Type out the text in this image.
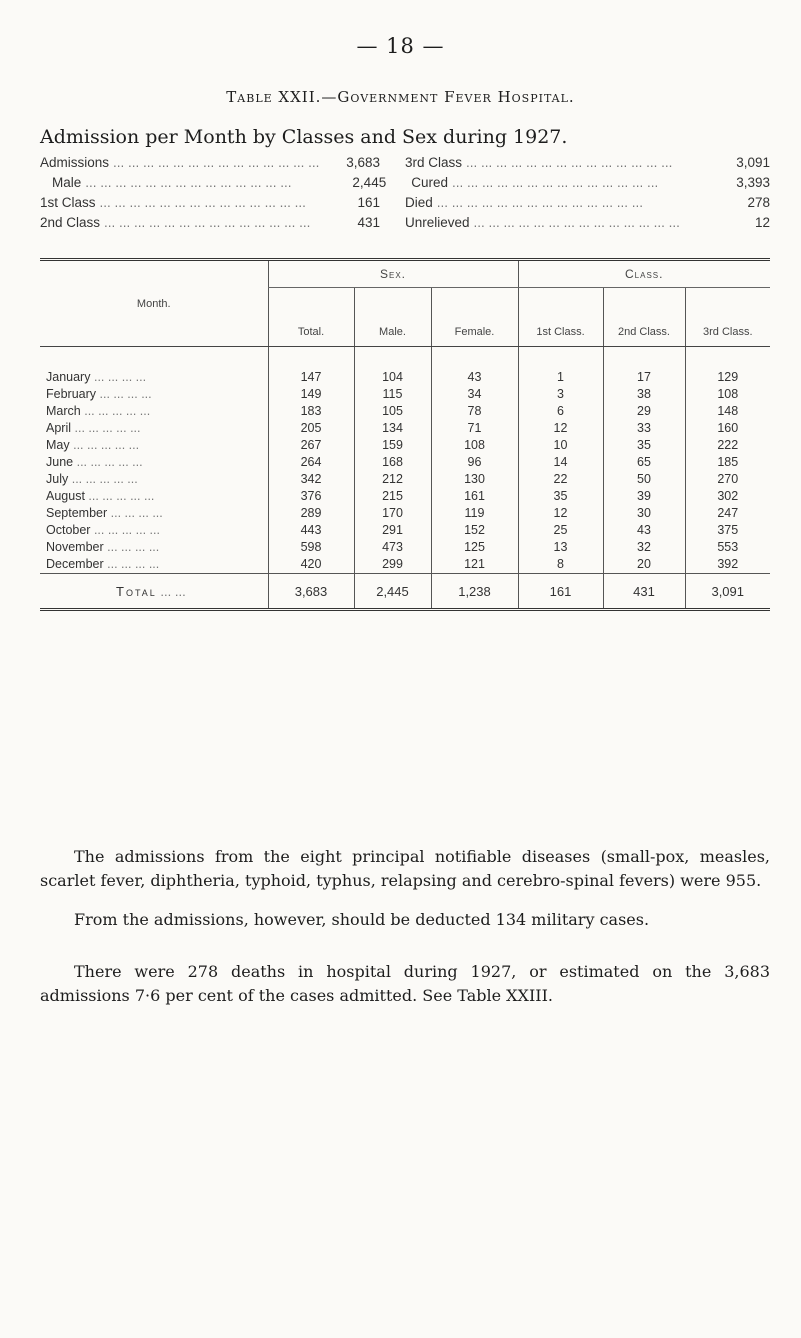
— 18 —
Table XXII.—Government Fever Hospital.
Admission per Month by Classes and Sex during 1927.
Admissions ... .	3,683 3rd Class ... .	3,091
Male ... .	2,445 Cured ... .	3,393
1st Class ... .	161 Died ... .	278
2nd Class ... .	431 Unrelieved ... .	12
Month.	Sex.			Class.		
	Total.	Male.	Female.	1st Class.	2nd Class.	3rd Class.
January ... ... ... ...	147	104	43	1	17	129
February ... ... ... ...	149	115	34	3	38	108
March ... ... ... ... ...	183	105	78	6	29	148
April ... ... ... ... ...	205	134	71	12	33	160
May ... ... ... ... ...	267	159	108	10	35	222
June ... ... ... ... ...	264	168	96	14	65	185
July ... ... ... ... ...	342	212	130	22	50	270
August ... ... ... ... ...	376	215	161	35	39	302
September ... ... ... ...	289	170	119	12	30	247
October ... ... ... ... ...	443	291	152	25	43	375
November ... ... ... ...	598	473	125	13	32	553
December ... ... ... ...	420	299	121	8	20	392
Total ... ...	3,683	2,445	1,238	161	431	3,091

The admissions from the eight principal notifiable diseases (small-pox, measles, scarlet fever, diphtheria, typhoid, typhus, relapsing and cerebro-spinal fevers) were 955.

From the admissions, however, should be deducted 134 military cases.

There were 278 deaths in hospital during 1927, or estimated on the 3,683 admissions 7·6 per cent of the cases admitted. See Table XXIII.
